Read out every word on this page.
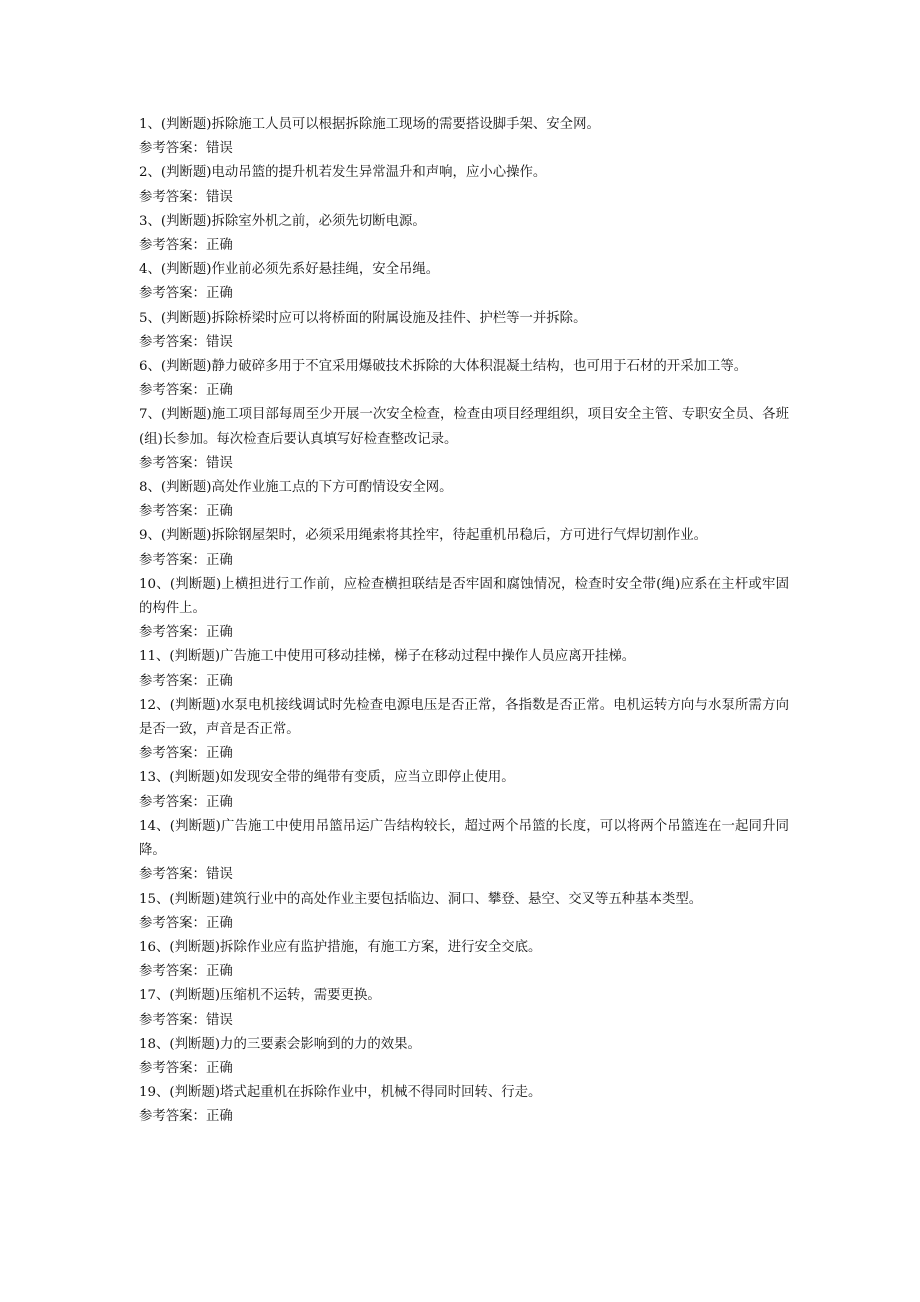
1、(判断题)拆除施工人员可以根据拆除施工现场的需要搭设脚手架、安全网。

参考答案：错误

2、(判断题)电动吊篮的提升机若发生异常温升和声响，应小心操作。

参考答案：错误

3、(判断题)拆除室外机之前，必须先切断电源。

参考答案：正确

4、(判断题)作业前必须先系好悬挂绳，安全吊绳。

参考答案：正确

5、(判断题)拆除桥梁时应可以将桥面的附属设施及挂件、护栏等一并拆除。

参考答案：错误

6、(判断题)静力破碎多用于不宜采用爆破技术拆除的大体积混凝土结构，也可用于石材的开采加工等。

参考答案：正确

7、(判断题)施工项目部每周至少开展一次安全检查，检查由项目经理组织，项目安全主管、专职安全员、各班(组)长参加。每次检查后要认真填写好检查整改记录。

参考答案：错误

8、(判断题)高处作业施工点的下方可酌情设安全网。

参考答案：正确

9、(判断题)拆除钢屋架时，必须采用绳索将其拴牢，待起重机吊稳后，方可进行气焊切割作业。

参考答案：正确

10、(判断题)上横担进行工作前，应检查横担联结是否牢固和腐蚀情况，检查时安全带(绳)应系在主杆或牢固的构件上。

参考答案：正确

11、(判断题)广告施工中使用可移动挂梯，梯子在移动过程中操作人员应离开挂梯。

参考答案：正确

12、(判断题)水泵电机接线调试时先检查电源电压是否正常，各指数是否正常。电机运转方向与水泵所需方向是否一致，声音是否正常。

参考答案：正确

13、(判断题)如发现安全带的绳带有变质，应当立即停止使用。

参考答案：正确

14、(判断题)广告施工中使用吊篮吊运广告结构较长，超过两个吊篮的长度，可以将两个吊篮连在一起同升同降。

参考答案：错误

15、(判断题)建筑行业中的高处作业主要包括临边、洞口、攀登、悬空、交叉等五种基本类型。

参考答案：正确

16、(判断题)拆除作业应有监护措施，有施工方案，进行安全交底。

参考答案：正确

17、(判断题)压缩机不运转，需要更换。

参考答案：错误

18、(判断题)力的三要素会影响到的力的效果。

参考答案：正确

19、(判断题)塔式起重机在拆除作业中，机械不得同时回转、行走。

参考答案：正确
